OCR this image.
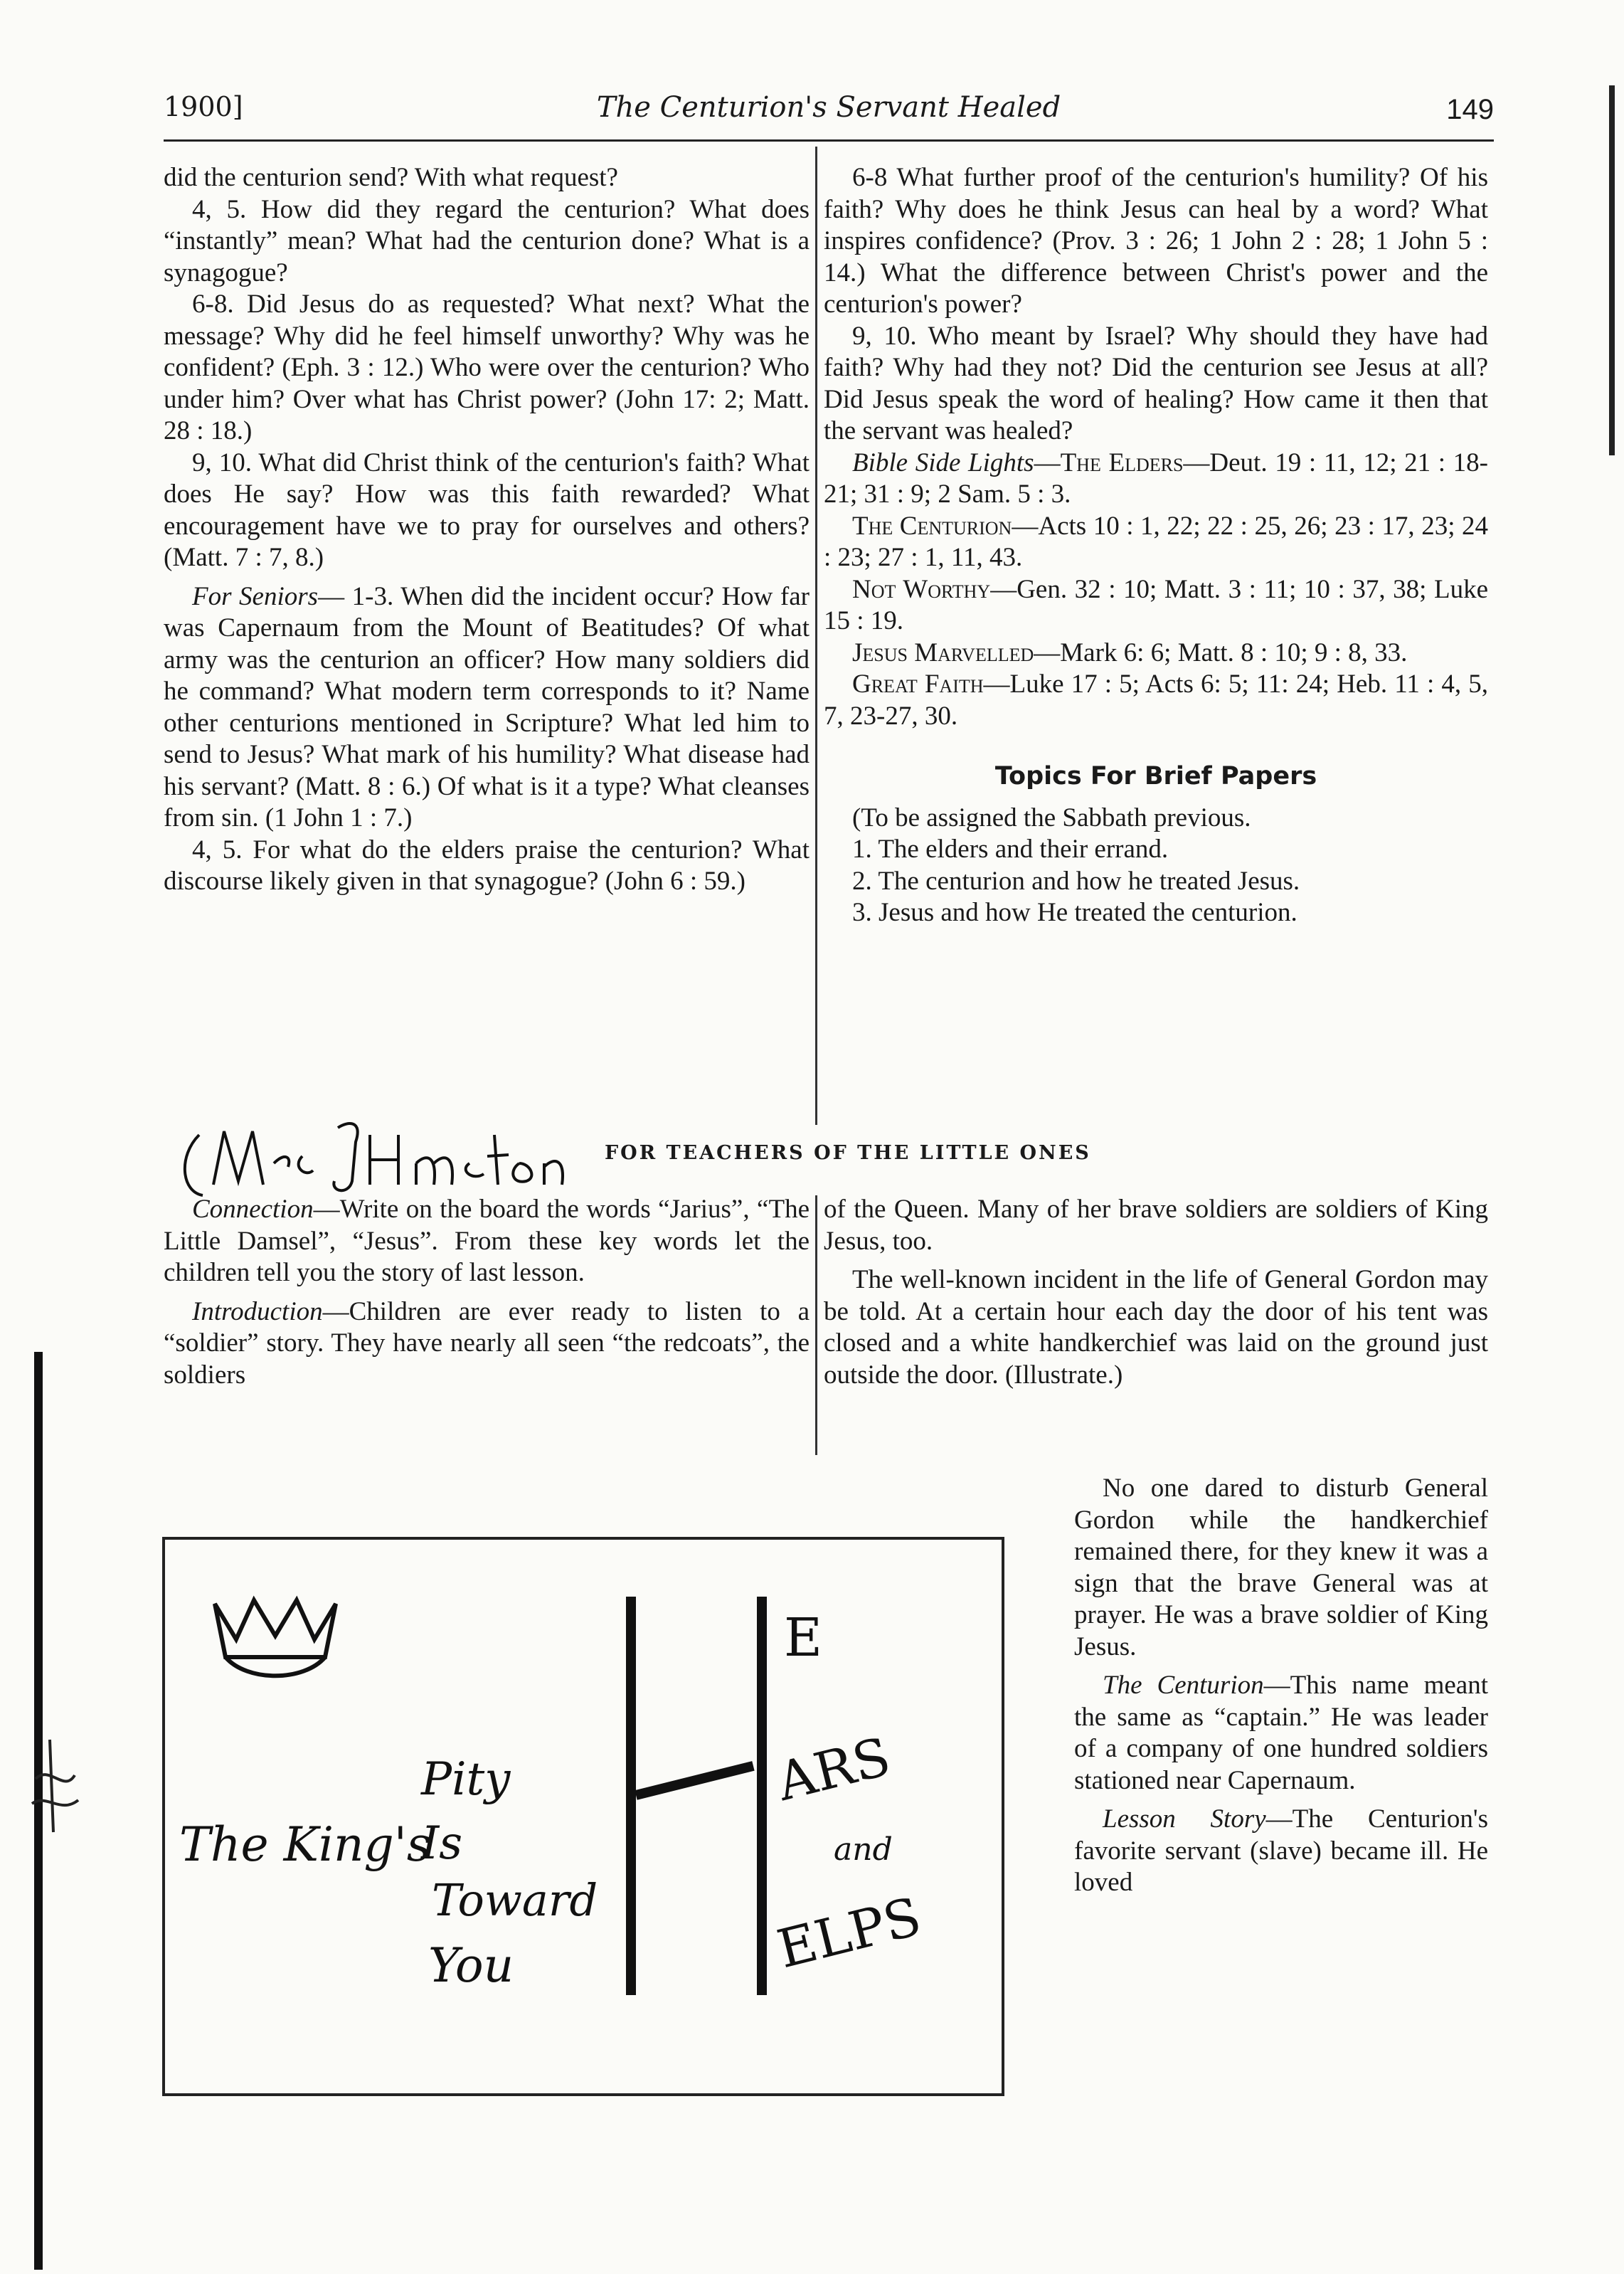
1900]	The Centurion's Servant Healed	149

did the centurion send? With what request?

4, 5. How did they regard the centurion? What does “instantly” mean? What had the centurion done? What is a synagogue?

6-8. Did Jesus do as requested? What next? What the message? Why did he feel himself unworthy? Why was he confident? (Eph. 3 : 12.) Who were over the centurion? Who under him? Over what has Christ power? (John 17: 2; Matt. 28 : 18.)

9, 10. What did Christ think of the centurion's faith? What does He say? How was this faith rewarded? What encouragement have we to pray for ourselves and others? (Matt. 7 : 7, 8.)

For Seniors— 1-3. When did the incident occur? How far was Capernaum from the Mount of Beatitudes? Of what army was the centurion an officer? How many soldiers did he command? What modern term corresponds to it? Name other centurions mentioned in Scripture? What led him to send to Jesus? What mark of his humility? What disease had his servant? (Matt. 8 : 6.) Of what is it a type? What cleanses from sin. (1 John 1 : 7.)

4, 5. For what do the elders praise the centurion? What discourse likely given in that synagogue? (John 6 : 59.)

6-8 What further proof of the centurion's humility? Of his faith? Why does he think Jesus can heal by a word? What inspires confidence? (Prov. 3 : 26; 1 John 2 : 28; 1 John 5 : 14.) What the difference between Christ's power and the centurion's power?

9, 10. Who meant by Israel? Why should they have had faith? Why had they not? Did the centurion see Jesus at all? Did Jesus speak the word of healing? How came it then that the servant was healed?

Bible Side Lights—The Elders—Deut. 19 : 11, 12; 21 : 18-21; 31 : 9; 2 Sam. 5 : 3.

The Centurion—Acts 10 : 1, 22; 22 : 25, 26; 23 : 17, 23; 24 : 23; 27 : 1, 11, 43.

Not Worthy—Gen. 32 : 10; Matt. 3 : 11; 10 : 37, 38; Luke 15 : 19.

Jesus Marvelled—Mark 6: 6; Matt. 8 : 10; 9 : 8, 33.

Great Faith—Luke 17 : 5; Acts 6: 5; 11: 24; Heb. 11 : 4, 5, 7, 23-27, 30.

Topics For Brief Papers

(To be assigned the Sabbath previous.

1. The elders and their errand.

2. The centurion and how he treated Jesus.

3. Jesus and how He treated the centurion.

FOR TEACHERS OF THE LITTLE ONES

Connection—Write on the board the words “Jarius”, “The Little Damsel”, “Jesus”. From these key words let the children tell you the story of last lesson.

Introduction—Children are ever ready to listen to a “soldier” story. They have nearly all seen “the redcoats”, the soldiers

of the Queen. Many of her brave soldiers are soldiers of King Jesus, too.

The well-known incident in the life of General Gordon may be told. At a certain hour each day the door of his tent was closed and a white handkerchief was laid on the ground just outside the door. (Illustrate.)

No one dared to disturb General Gordon while the handkerchief remained there, for they knew it was a sign that the brave General was at prayer. He was a brave soldier of King Jesus.

The Centurion—This name meant the same as “captain.” He was leader of a company of one hundred soldiers stationed near Capernaum.

Lesson Story—The Centurion's favorite servant (slave) became ill. He loved

The King's
Is
Pity
Toward
You
E
ARS
and
ELPS
